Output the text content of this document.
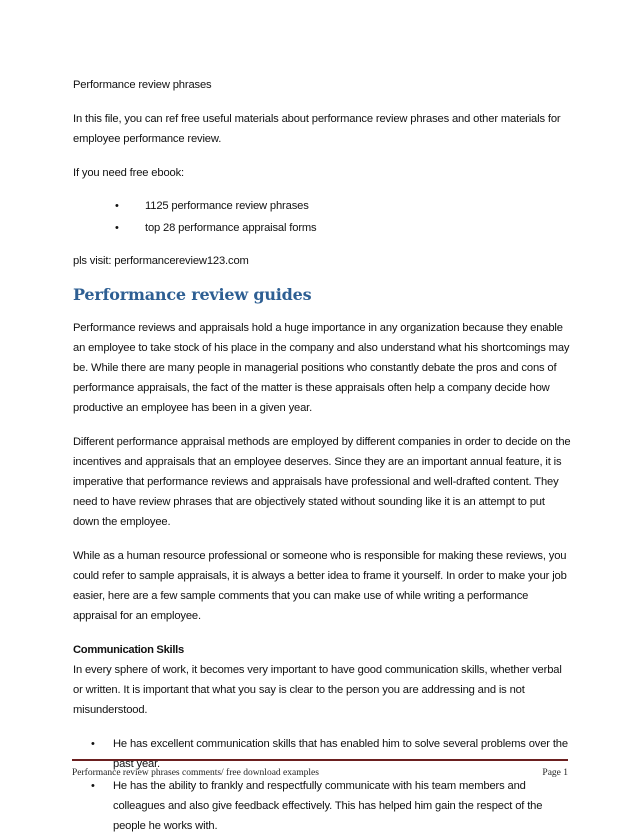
Performance review phrases

In this file, you can ref free useful materials about performance review phrases and other materials for employee performance review.

If you need free ebook:

• 1125 performance review phrases
• top 28 performance appraisal forms

pls visit: performancereview123.com

Performance review guides

Performance reviews and appraisals hold a huge importance in any organization because they enable an employee to take stock of his place in the company and also understand what his shortcomings may be. While there are many people in managerial positions who constantly debate the pros and cons of performance appraisals, the fact of the matter is these appraisals often help a company decide how productive an employee has been in a given year.

Different performance appraisal methods are employed by different companies in order to decide on the incentives and appraisals that an employee deserves. Since they are an important annual feature, it is imperative that performance reviews and appraisals have professional and well-drafted content. They need to have review phrases that are objectively stated without sounding like it is an attempt to put down the employee.

While as a human resource professional or someone who is responsible for making these reviews, you could refer to sample appraisals, it is always a better idea to frame it yourself. In order to make your job easier, here are a few sample comments that you can make use of while writing a performance appraisal for an employee.

Communication Skills

In every sphere of work, it becomes very important to have good communication skills, whether verbal or written. It is important that what you say is clear to the person you are addressing and is not misunderstood.

• He has excellent communication skills that has enabled him to solve several problems over the past year.
• He has the ability to frankly and respectfully communicate with his team members and colleagues and also give feedback effectively. This has helped him gain the respect of the people he works with.
Performance review phrases comments/ free download examples	Page 1
